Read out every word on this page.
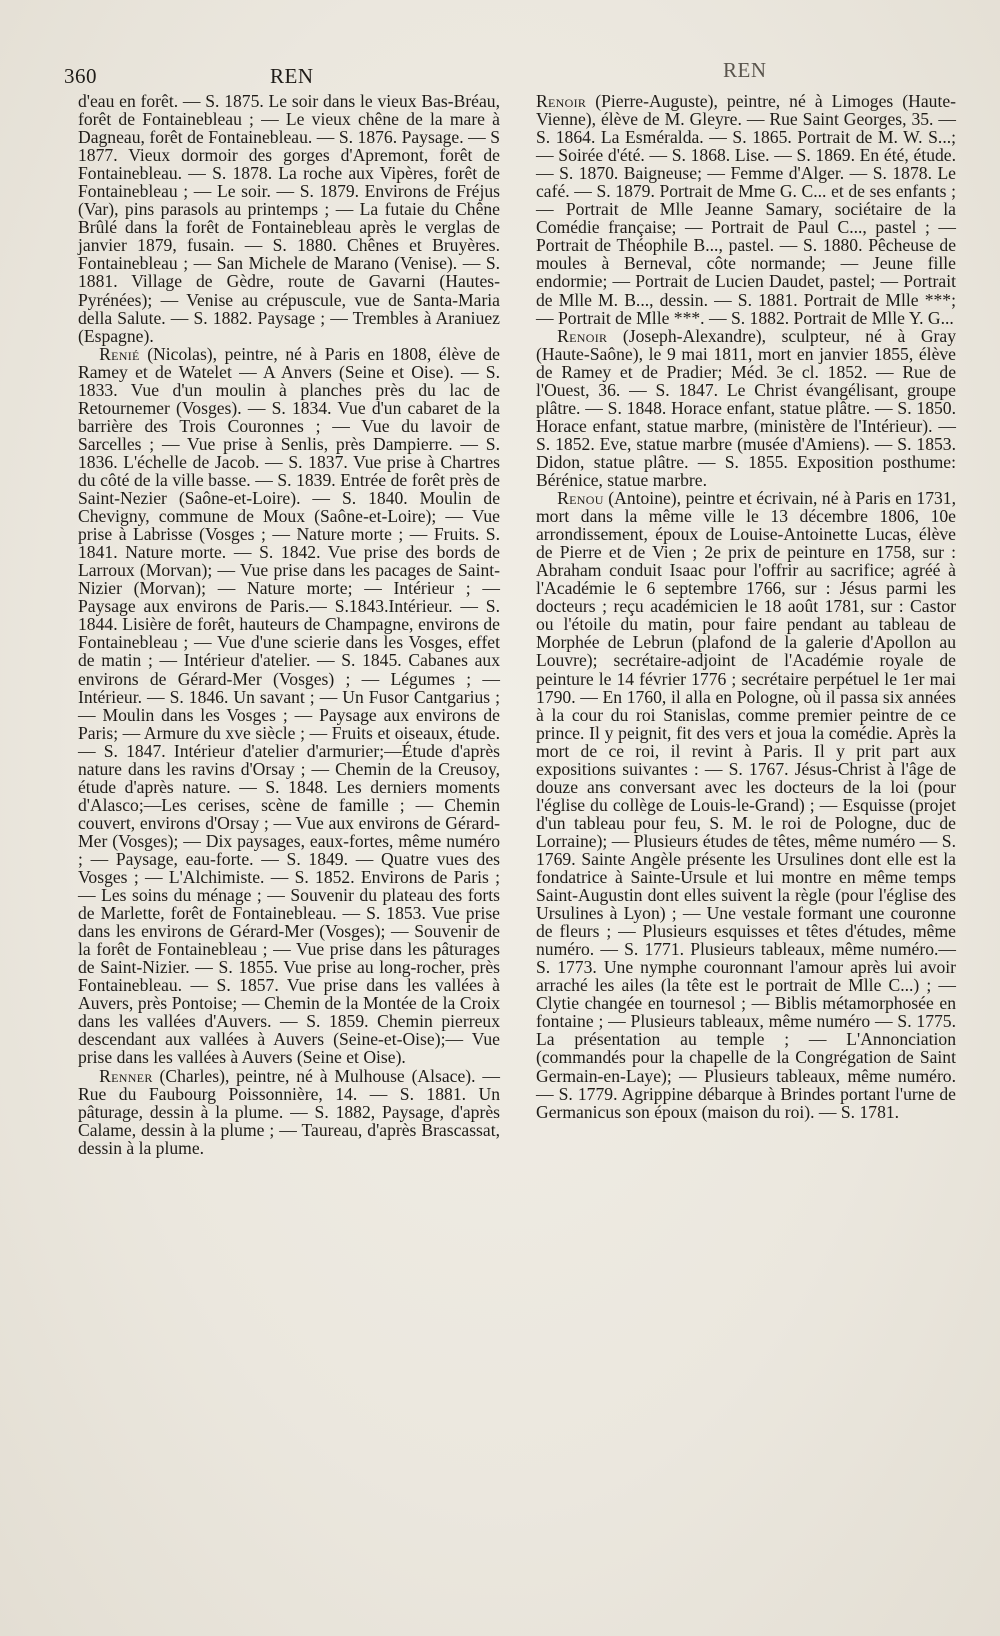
360	REN	REN

d'eau en forêt. — S. 1875. Le soir dans le vieux Bas-Bréau, forêt de Fontainebleau ; — Le vieux chêne de la mare à Dagneau, forêt de Fontainebleau. — S. 1876. Paysage. — S 1877. Vieux dormoir des gorges d'Apremont, forêt de Fontainebleau. — S. 1878. La roche aux Vipères, forêt de Fontainebleau ; — Le soir. — S. 1879. Environs de Fréjus (Var), pins parasols au printemps ; — La futaie du Chêne Brûlé dans la forêt de Fontainebleau après le verglas de janvier 1879, fusain. — S. 1880. Chênes et Bruyères. Fontainebleau ; — San Michele de Marano (Venise). — S. 1881. Village de Gèdre, route de Gavarni (Hautes-Pyrénées); — Venise au crépuscule, vue de Santa-Maria della Salute. — S. 1882. Paysage ; — Trembles à Araniuez (Espagne).

Renié (Nicolas), peintre, né à Paris en 1808, élève de Ramey et de Watelet — A Anvers (Seine et Oise). — S. 1833. Vue d'un moulin à planches près du lac de Retournemer (Vosges). — S. 1834. Vue d'un cabaret de la barrière des Trois Couronnes ; — Vue du lavoir de Sarcelles ; — Vue prise à Senlis, près Dampierre. — S. 1836. L'échelle de Jacob. — S. 1837. Vue prise à Chartres du côté de la ville basse. — S. 1839. Entrée de forêt près de Saint-Nezier (Saône-et-Loire). — S. 1840. Moulin de Chevigny, commune de Moux (Saône-et-Loire); — Vue prise à Labrisse (Vosges ; — Nature morte ; — Fruits. S. 1841. Nature morte. — S. 1842. Vue prise des bords de Larroux (Morvan); — Vue prise dans les pacages de Saint-Nizier (Morvan); — Nature morte; — Intérieur ; — Paysage aux environs de Paris.— S.1843.Intérieur. — S. 1844. Lisière de forêt, hauteurs de Champagne, environs de Fontainebleau ; — Vue d'une scierie dans les Vosges, effet de matin ; — Intérieur d'atelier. — S. 1845. Cabanes aux environs de Gérard-Mer (Vosges) ; — Légumes ; — Intérieur. — S. 1846. Un savant ; — Un Fusor Cantgarius ; — Moulin dans les Vosges ; — Paysage aux environs de Paris; — Armure du xve siècle ; — Fruits et oiseaux, étude. — S. 1847. Intérieur d'atelier d'armurier;—Étude d'après nature dans les ravins d'Orsay ; — Chemin de la Creusoy, étude d'après nature. — S. 1848. Les derniers moments d'Alasco;—Les cerises, scène de famille ; — Chemin couvert, environs d'Orsay ; — Vue aux environs de Gérard-Mer (Vosges); — Dix paysages, eaux-fortes, même numéro ; — Paysage, eau-forte. — S. 1849. — Quatre vues des Vosges ; — L'Alchimiste. — S. 1852. Environs de Paris ; — Les soins du ménage ; — Souvenir du plateau des forts de Marlette, forêt de Fontainebleau. — S. 1853. Vue prise dans les environs de Gérard-Mer (Vosges); — Souvenir de la forêt de Fontainebleau ; — Vue prise dans les pâturages de Saint-Nizier. — S. 1855. Vue prise au long-rocher, près Fontainebleau. — S. 1857. Vue prise dans les vallées à Auvers, près Pontoise; — Chemin de la Montée de la Croix dans les vallées d'Auvers. — S. 1859. Chemin pierreux descendant aux vallées à Auvers (Seine-et-Oise);— Vue prise dans les vallées à Auvers (Seine et Oise).

Renner (Charles), peintre, né à Mulhouse (Alsace). — Rue du Faubourg Poissonnière, 14. — S. 1881. Un pâturage, dessin à la plume. — S. 1882, Paysage, d'après Calame, dessin à la plume ; — Taureau, d'après Brascassat, dessin à la plume.

Renoir (Pierre-Auguste), peintre, né à Limoges (Haute-Vienne), élève de M. Gleyre. — Rue Saint Georges, 35. — S. 1864. La Esméralda. — S. 1865. Portrait de M. W. S...; — Soirée d'été. — S. 1868. Lise. — S. 1869. En été, étude. — S. 1870. Baigneuse; — Femme d'Alger. — S. 1878. Le café. — S. 1879. Portrait de Mme G. C... et de ses enfants ; — Portrait de Mlle Jeanne Samary, sociétaire de la Comédie française; — Portrait de Paul C..., pastel ; — Portrait de Théophile B..., pastel. — S. 1880. Pêcheuse de moules à Berneval, côte normande; — Jeune fille endormie; — Portrait de Lucien Daudet, pastel; — Portrait de Mlle M. B..., dessin. — S. 1881. Portrait de Mlle ***; — Portrait de Mlle ***. — S. 1882. Portrait de Mlle Y. G...

Renoir (Joseph-Alexandre), sculpteur, né à Gray (Haute-Saône), le 9 mai 1811, mort en janvier 1855, élève de Ramey et de Pradier; Méd. 3e cl. 1852. — Rue de l'Ouest, 36. — S. 1847. Le Christ évangélisant, groupe plâtre. — S. 1848. Horace enfant, statue plâtre. — S. 1850. Horace enfant, statue marbre, (ministère de l'Intérieur). — S. 1852. Eve, statue marbre (musée d'Amiens). — S. 1853. Didon, statue plâtre. — S. 1855. Exposition posthume: Bérénice, statue marbre.

Renou (Antoine), peintre et écrivain, né à Paris en 1731, mort dans la même ville le 13 décembre 1806, 10e arrondissement, époux de Louise-Antoinette Lucas, élève de Pierre et de Vien ; 2e prix de peinture en 1758, sur : Abraham conduit Isaac pour l'offrir au sacrifice; agréé à l'Académie le 6 septembre 1766, sur : Jésus parmi les docteurs ; reçu académicien le 18 août 1781, sur : Castor ou l'étoile du matin, pour faire pendant au tableau de Morphée de Lebrun (plafond de la galerie d'Apollon au Louvre); secrétaire-adjoint de l'Académie royale de peinture le 14 février 1776 ; secrétaire perpétuel le 1er mai 1790. — En 1760, il alla en Pologne, où il passa six années à la cour du roi Stanislas, comme premier peintre de ce prince. Il y peignit, fit des vers et joua la comédie. Après la mort de ce roi, il revint à Paris. Il y prit part aux expositions suivantes : — S. 1767. Jésus-Christ à l'âge de douze ans conversant avec les docteurs de la loi (pour l'église du collège de Louis-le-Grand) ; — Esquisse (projet d'un tableau pour feu, S. M. le roi de Pologne, duc de Lorraine); — Plusieurs études de têtes, même numéro — S. 1769. Sainte Angèle présente les Ursulines dont elle est la fondatrice à Sainte-Ursule et lui montre en même temps Saint-Augustin dont elles suivent la règle (pour l'église des Ursulines à Lyon) ; — Une vestale formant une couronne de fleurs ; — Plusieurs esquisses et têtes d'études, même numéro. — S. 1771. Plusieurs tableaux, même numéro.—S. 1773. Une nymphe couronnant l'amour après lui avoir arraché les ailes (la tête est le portrait de Mlle C...) ; — Clytie changée en tournesol ; — Biblis métamorphosée en fontaine ; — Plusieurs tableaux, même numéro — S. 1775. La présentation au temple ; — L'Annonciation (commandés pour la chapelle de la Congrégation de Saint Germain-en-Laye); — Plusieurs tableaux, même numéro. — S. 1779. Agrippine débarque à Brindes portant l'urne de Germanicus son époux (maison du roi). — S. 1781.
